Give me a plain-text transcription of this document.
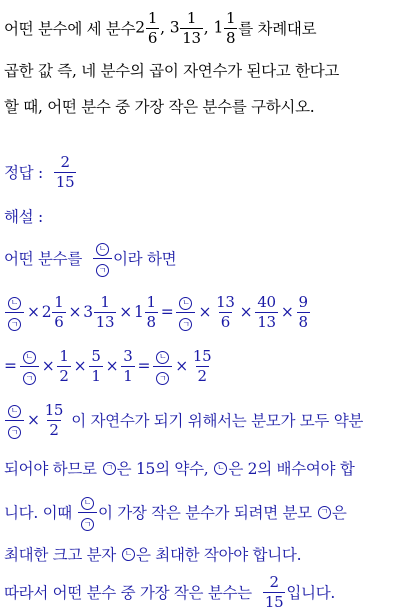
어떤 분수에 세 분수 $2 \frac{1}{6}$ , $3 \frac{1}{13}$ , $1 \frac{1}{8}$ 를 차례대로
곱한 값 즉, 네 분수의 곱이 자연수가 된다고 한다고
할 때, 어떤 분수 중 가장 작은 분수를 구하시오.
정답 : $\frac{2}{15}$
해설 :
어떤 분수를 $\frac{\text{ㄴ}}{\text{ㄱ}}$ 이라 하면
$\frac{\text{ㄴ}}{\text{ㄱ}} \times 2 \frac{1}{6} \times 3 \frac{1}{13} \times 1 \frac{1}{8} = \frac{\text{ㄴ}}{\text{ㄱ}} \times \frac{13}{6} \times \frac{40}{13} \times \frac{9}{8}$
= $\frac{\text{ㄴ}}{\text{ㄱ}} \times \frac{1}{2} \times \frac{5}{1} \times \frac{3}{1} = \frac{\text{ㄴ}}{\text{ㄱ}} \times \frac{15}{2}$
$\frac{\text{ㄴ}}{\text{ㄱ}} \times \frac{15}{2}$ 이 자연수가 되기 위해서는 분모가 모두 약분
되어야 하므로	ㄱ 은 15의 약수,	ㄴ 은 2의 배수여야 합
니다. 이때 $\frac{\text{ㄴ}}{\text{ㄱ}}$ 이 가장 작은 분수가 되려면 분모	ㄱ 은
최대한 크고 분자	ㄴ 은 최대한 작아야 합니다.
따라서 어떤 분수 중 가장 작은 분수는 $\frac{2}{15}$ 입니다.
